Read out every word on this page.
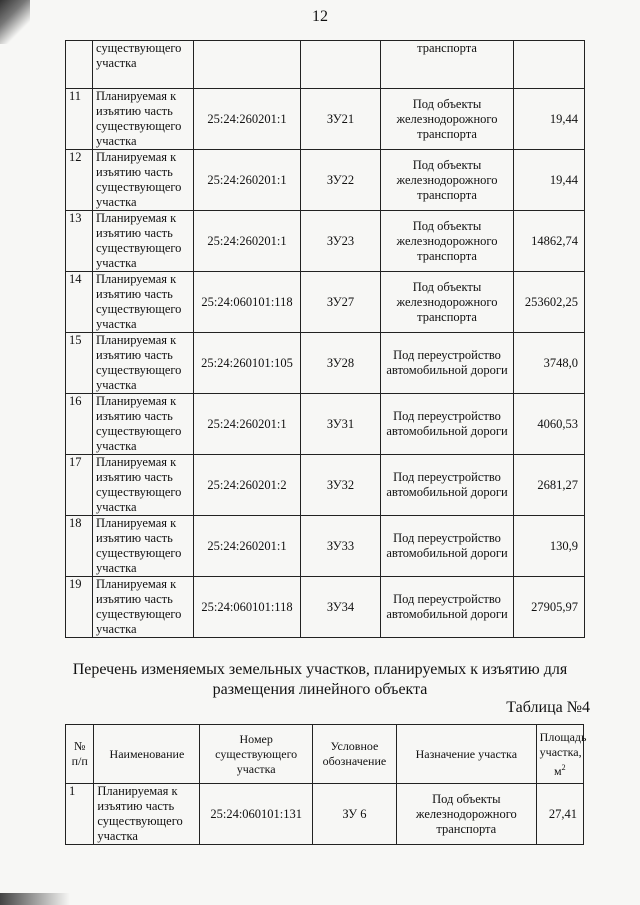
12
	существующего участка			транспорта	
11	Планируемая к изъятию часть существующего участка	25:24:260201:1	ЗУ21	Под объекты железнодорожного транспорта	19,44
12	Планируемая к изъятию часть существующего участка	25:24:260201:1	ЗУ22	Под объекты железнодорожного транспорта	19,44
13	Планируемая к изъятию часть существующего участка	25:24:260201:1	ЗУ23	Под объекты железнодорожного транспорта	14862,74
14	Планируемая к изъятию часть существующего участка	25:24:060101:118	ЗУ27	Под объекты железнодорожного транспорта	253602,25
15	Планируемая к изъятию часть существующего участка	25:24:260101:105	ЗУ28	Под переустройство автомобильной дороги	3748,0
16	Планируемая к изъятию часть существующего участка	25:24:260201:1	ЗУ31	Под переустройство автомобильной дороги	4060,53
17	Планируемая к изъятию часть существующего участка	25:24:260201:2	ЗУ32	Под переустройство автомобильной дороги	2681,27
18	Планируемая к изъятию часть существующего участка	25:24:260201:1	ЗУ33	Под переустройство автомобильной дороги	130,9
19	Планируемая к изъятию часть существующего участка	25:24:060101:118	ЗУ34	Под переустройство автомобильной дороги	27905,97
Перечень изменяемых земельных участков, планируемых к изъятию для
размещения линейного объекта
Таблица №4
№ п/п	Наименование	Номер существующего участка	Условное обозначение	Назначение участка	Площадь участка, $м^2$
1	Планируемая к изъятию часть существующего участка	25:24:060101:131	ЗУ 6	Под объекты железнодорожного транспорта	27,41
